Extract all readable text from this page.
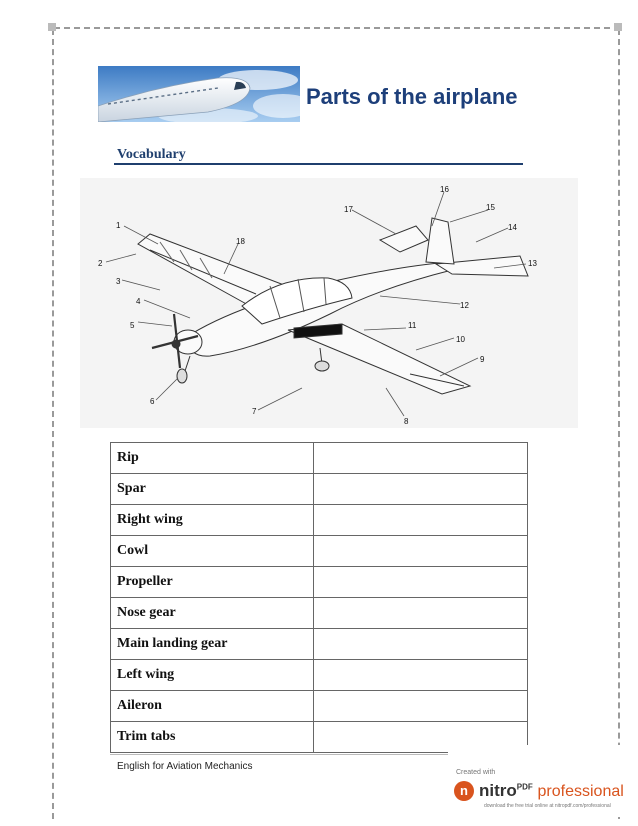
Parts of the airplane
Vocabulary
1
2
3
4
5
6
7
8
9
10
11
12
13
14
15
16
17
18
Rip	
Spar	
Right wing	
Cowl	
Propeller	
Nose gear	
Main landing gear	
Left wing	
Aileron	
Trim tabs	
English for Aviation Mechanics
Created with
n nitro$^{PDF}$ professional
download the free trial online at nitropdf.com/professional
